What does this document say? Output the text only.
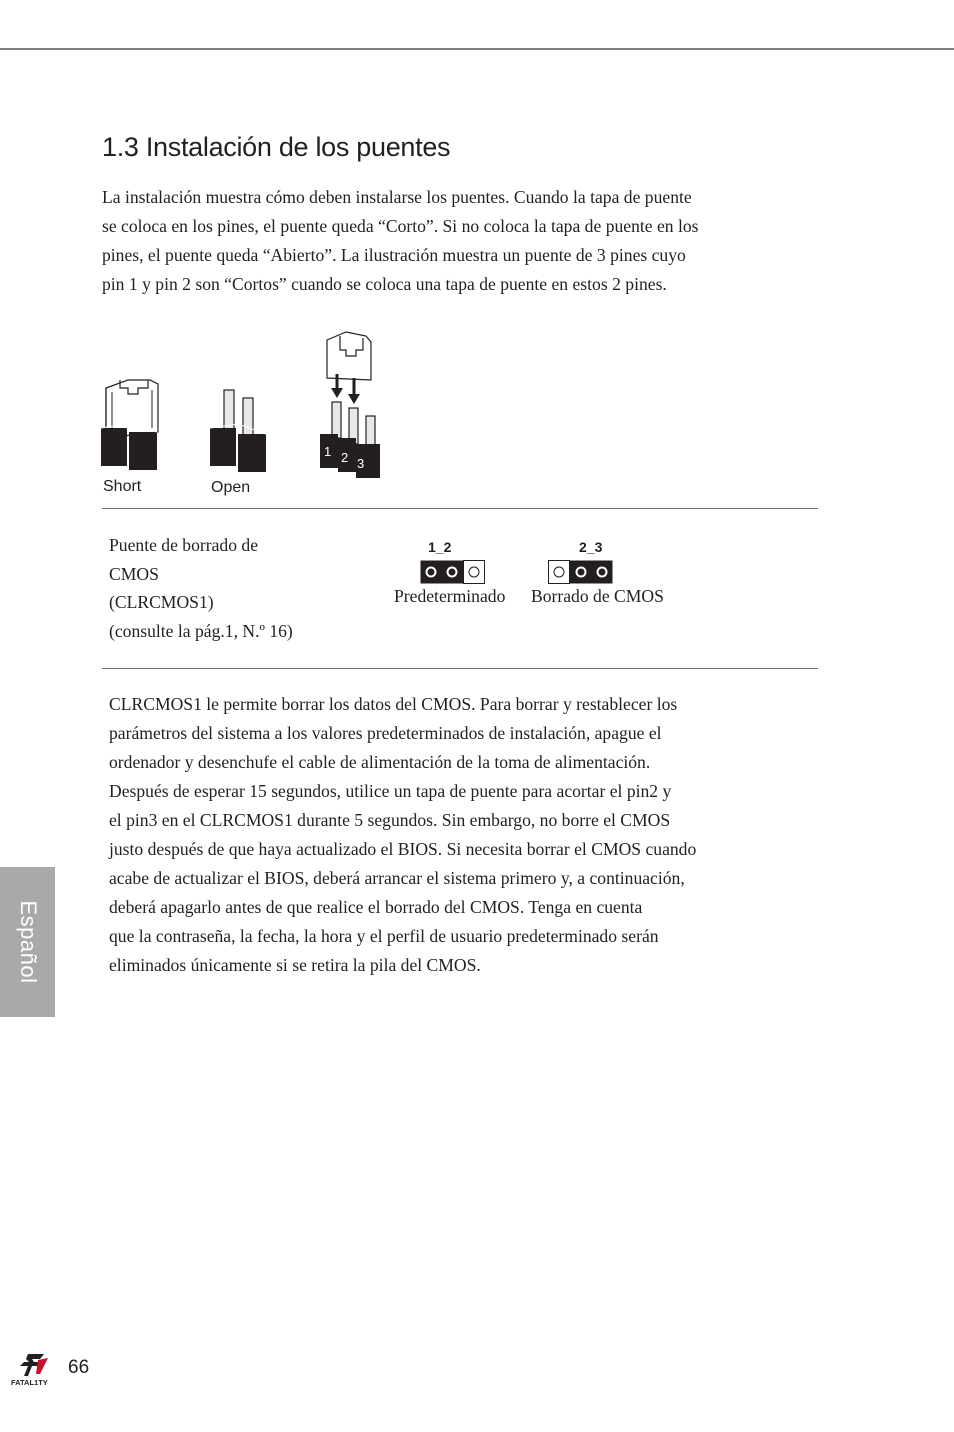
1.3 Instalación de los puentes

La instalación muestra cómo deben instalarse los puentes. Cuando la tapa de puente

se coloca en los pines, el puente queda “Corto”. Si no coloca la tapa de puente en los

pines, el puente queda “Abierto”. La ilustración muestra un puente de 3 pines cuyo

pin 1 y pin 2 son “Cortos” cuando se coloca una tapa de puente en estos 2 pines.

1 2 3
Short	Open
Puente de borrado de
CMOS
(CLRCMOS1)
(consulte la pág.1, N.º 16)
1_2
Predeterminado
2_3
Borrado de CMOS

CLRCMOS1 le permite borrar los datos del CMOS. Para borrar y restablecer los

parámetros del sistema a los valores predeterminados de instalación, apague el

ordenador y desenchufe el cable de alimentación de la toma de alimentación.

Después de esperar 15 segundos, utilice un tapa de puente para acortar el pin2 y

el pin3 en el CLRCMOS1 durante 5 segundos. Sin embargo, no borre el CMOS

justo después de que haya actualizado el BIOS. Si necesita borrar el CMOS cuando

acabe de actualizar el BIOS, deberá arrancar el sistema primero y, a continuación,

deberá apagarlo antes de que realice el borrado del CMOS. Tenga en cuenta

que la contraseña, la fecha, la hora y el perfil de usuario predeterminado serán

eliminados únicamente si se retira la pila del CMOS.

Español
FATAL1TY
66
